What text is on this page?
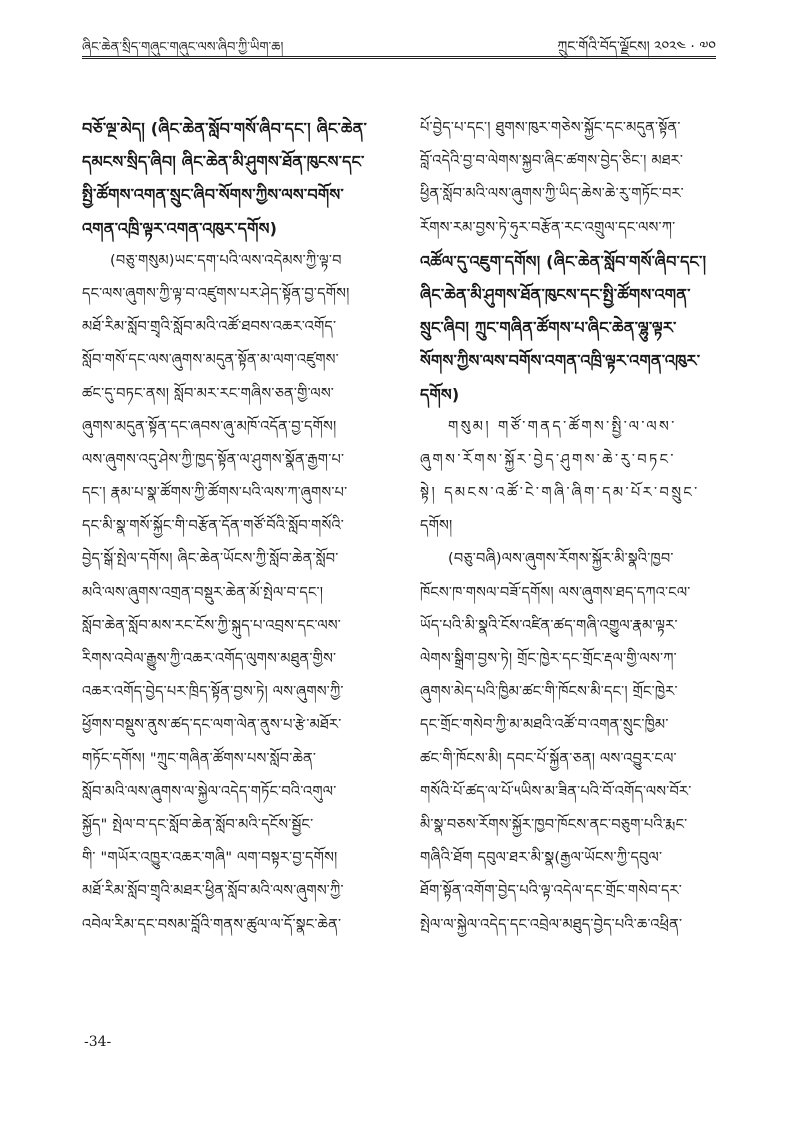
ཞིང་ཆེན་སྲིད་གཞུང་གཞུང་ལས་ཞིབ་ཀྱི་ཡིག་ཆ།	ཀྲུང་གོའི་བོད་ལྗོངས། ༢༠༢༤ · ༧༠
བཅོ་ལྔ་མེད། (ཞིང་ཆེན་སློབ་གསོ་ཞིབ་དང་། ཞིང་ཆེན་
དམངས་སྲིད་ཞིབ། ཞིང་ཆེན་མི་ཤུགས་ཐོན་ཁུངས་དང་
སྤྱི་ཚོགས་འགན་སྲུང་ཞིབ་སོགས་ཀྱིས་ལས་བགོས་
འགན་འཁྲི་ལྟར་འགན་འཁུར་དགོས)
(བཅུ་གསུམ)ཡང་དག་པའི་ལས་འདེམས་ཀྱི་ལྟ་བ
དང་ལས་ཞུགས་ཀྱི་ལྟ་བ་འཛུགས་པར་ཤེད་སྟོན་བྱ་དགོས།
མཐོ་རིམ་སློབ་གྲྭའི་སློབ་མའི་འཚོ་ཐབས་འཆར་འགོད་
སློབ་གསོ་དང་ལས་ཞུགས་མདུན་སྟོན་མ་ལག་འཛུགས་
ཚང་དུ་བཏང་ནས། སློབ་མར་རང་གཞིས་ཅན་གྱི་ལས་
ཞུགས་མདུན་སྟོན་དང་ཞབས་ཞུ་མཁོ་འདོན་བྱ་དགོས།
ལས་ཞུགས་འདུ་ཤེས་ཀྱི་ཁྱད་སྟོན་ལ་ཤུགས་སྣོན་རྒྱག་པ་
དང་། རྣམ་པ་སྣ་ཚོགས་ཀྱི་ཚོགས་པའི་ལས་ཀ་ཞུགས་པ་
དང་མི་སྣ་གསོ་སྐྱོང་གི་བརྩོན་དོན་གཙོ་བོའི་སློབ་གསོའི་
བྱེད་སྒོ་སྤེལ་དགོས། ཞིང་ཆེན་ཡོངས་ཀྱི་སློབ་ཆེན་སློབ་
མའི་ལས་ཞུགས་འགྲན་བསྡུར་ཆེན་མོ་སྤེལ་བ་དང་།
སློབ་ཆེན་སློབ་མས་རང་ངོས་ཀྱི་སྐུད་པ་འབྲས་དང་ལས་
རིགས་འབེལ་རྒྱུས་ཀྱི་འཆར་འགོད་ལུགས་མཐུན་གྱིས་
འཆར་འགོད་བྱེད་པར་ཁྲིད་སྟོན་བྱས་ཏེ། ལས་ཞུགས་ཀྱི་
ཕྱོགས་བསྡུས་ནུས་ཚད་དང་ལག་ལེན་ནུས་པ་རྩེ་མཐོར་
གཏོང་དགོས། "ཀྲུང་གཞིན་ཚོགས་པས་སློབ་ཆེན་
སློབ་མའི་ལས་ཞུགས་ལ་སྐྱེལ་འདེད་གཏོང་བའི་འགུལ་
སྐྱོད" སྤེལ་བ་དང་སློབ་ཆེན་སློབ་མའི་དངོས་སྦྱོང་
གི་ "གཡོར་འཁྱུར་འཆར་གཞི" ལག་བསྟར་བྱ་དགོས།
མཐོ་རིམ་སློབ་གྲྭའི་མཐར་ཕྱིན་སློབ་མའི་ལས་ཞུགས་ཀྱི་
འབེལ་རིམ་དང་བསམ་བློའི་གནས་ཚུལ་ལ་དོ་སྣང་ཆེན་
པོ་བྱེད་པ་དང་། ཐུགས་ཁུར་གཅེས་སྐྱོང་དང་མདུན་སྟོན་
བློ་འདེའི་བྱ་བ་ལེགས་སྐྱབ་ཞིང་ཚགས་བྱེད་ཅིང་། མཐར་
ཕྱིན་སློབ་མའི་ལས་ཞུགས་ཀྱི་ཡིད་ཆེས་ཆེ་རུ་གཏོང་བར་
རོགས་རམ་བྱས་ཏེ་ཧུར་བརྩོན་རང་འགྲུལ་དང་ལས་ཀ་
འཚོལ་དུ་འཇུག་དགོས། (ཞིང་ཆེན་སློབ་གསོ་ཞིབ་དང་།
ཞིང་ཆེན་མི་ཤུགས་ཐོན་ཁུངས་དང་སྤྱི་ཚོགས་འགན་
སྲུང་ཞིབ། ཀྲུང་གཞིན་ཚོགས་པ་ཞིང་ཆེན་ལྷུ་ལྟར་
སོགས་ཀྱིས་ལས་བགོས་འགན་འཁྲི་ལྟར་འགན་འཁུར་
དགོས)
གསུམ། གཙོ་གནད་ཚོགས་སྤྱི་ལ་ལས་
ཞུགས་རོགས་སྐྱོར་བྱེད་ཤུགས་ཆེ་རུ་བཏང་
སྟེ། དམངས་འཚོ་ངེ་གཞི་ཞིག་དམ་པོར་བསྲུང་
དགོས།
(བཅུ་བཞི)ལས་ཞུགས་རོགས་སྐྱོར་མི་སྣའི་ཁྱབ་
ཁོངས་ཁ་གསལ་བཟོ་དགོས། ལས་ཞུགས་ཐད་དཀའ་ངལ་
ཡོད་པའི་མི་སྣའི་ངོས་འཛིན་ཚད་གཞི་འགྱུལ་རྣམ་ལྟར་
ལེགས་སྒྲིག་བྱས་ཏེ། གྲོང་ཁྱེར་དང་གྲོང་རྡལ་གྱི་ལས་ཀ་
ཞུགས་མེད་པའི་ཁྱིམ་ཚང་གི་ཁོངས་མི་དང་། གྲོང་ཁྱེར་
དང་གྲོང་གསེབ་ཀྱི་མ་མཐའི་འཚོ་བ་འགན་སྲུང་ཁྱིམ་
ཚང་གི་ཁོངས་མི། དབང་པོ་སྐྱོན་ཅན། ལས་འབྱུར་ངལ་
གསོའི་པོ་ཚད་ལ་པོ་༥ཡིས་མ་ཟིན་པའི་བོ་འགོད་ལས་བོར་
མི་སྣ་བཅས་རོགས་སྐྱོར་ཁྱབ་ཁོངས་ནང་བཅུག་པའི་རྨང་
གཞིའི་ཐོག དབུལ་ཐར་མི་སྣ(རྒྱལ་ཡོངས་ཀྱི་དབུལ་
ཐོག་སྟོན་འགོག་བྱེད་པའི་ལྟ་འདེལ་དང་གྲོང་གསེབ་དར་
སྤེལ་ལ་སྐྱེལ་འདེད་དང་འབྲེལ་མཐུད་བྱེད་པའི་ཆ་འཕྲིན་
-34-
